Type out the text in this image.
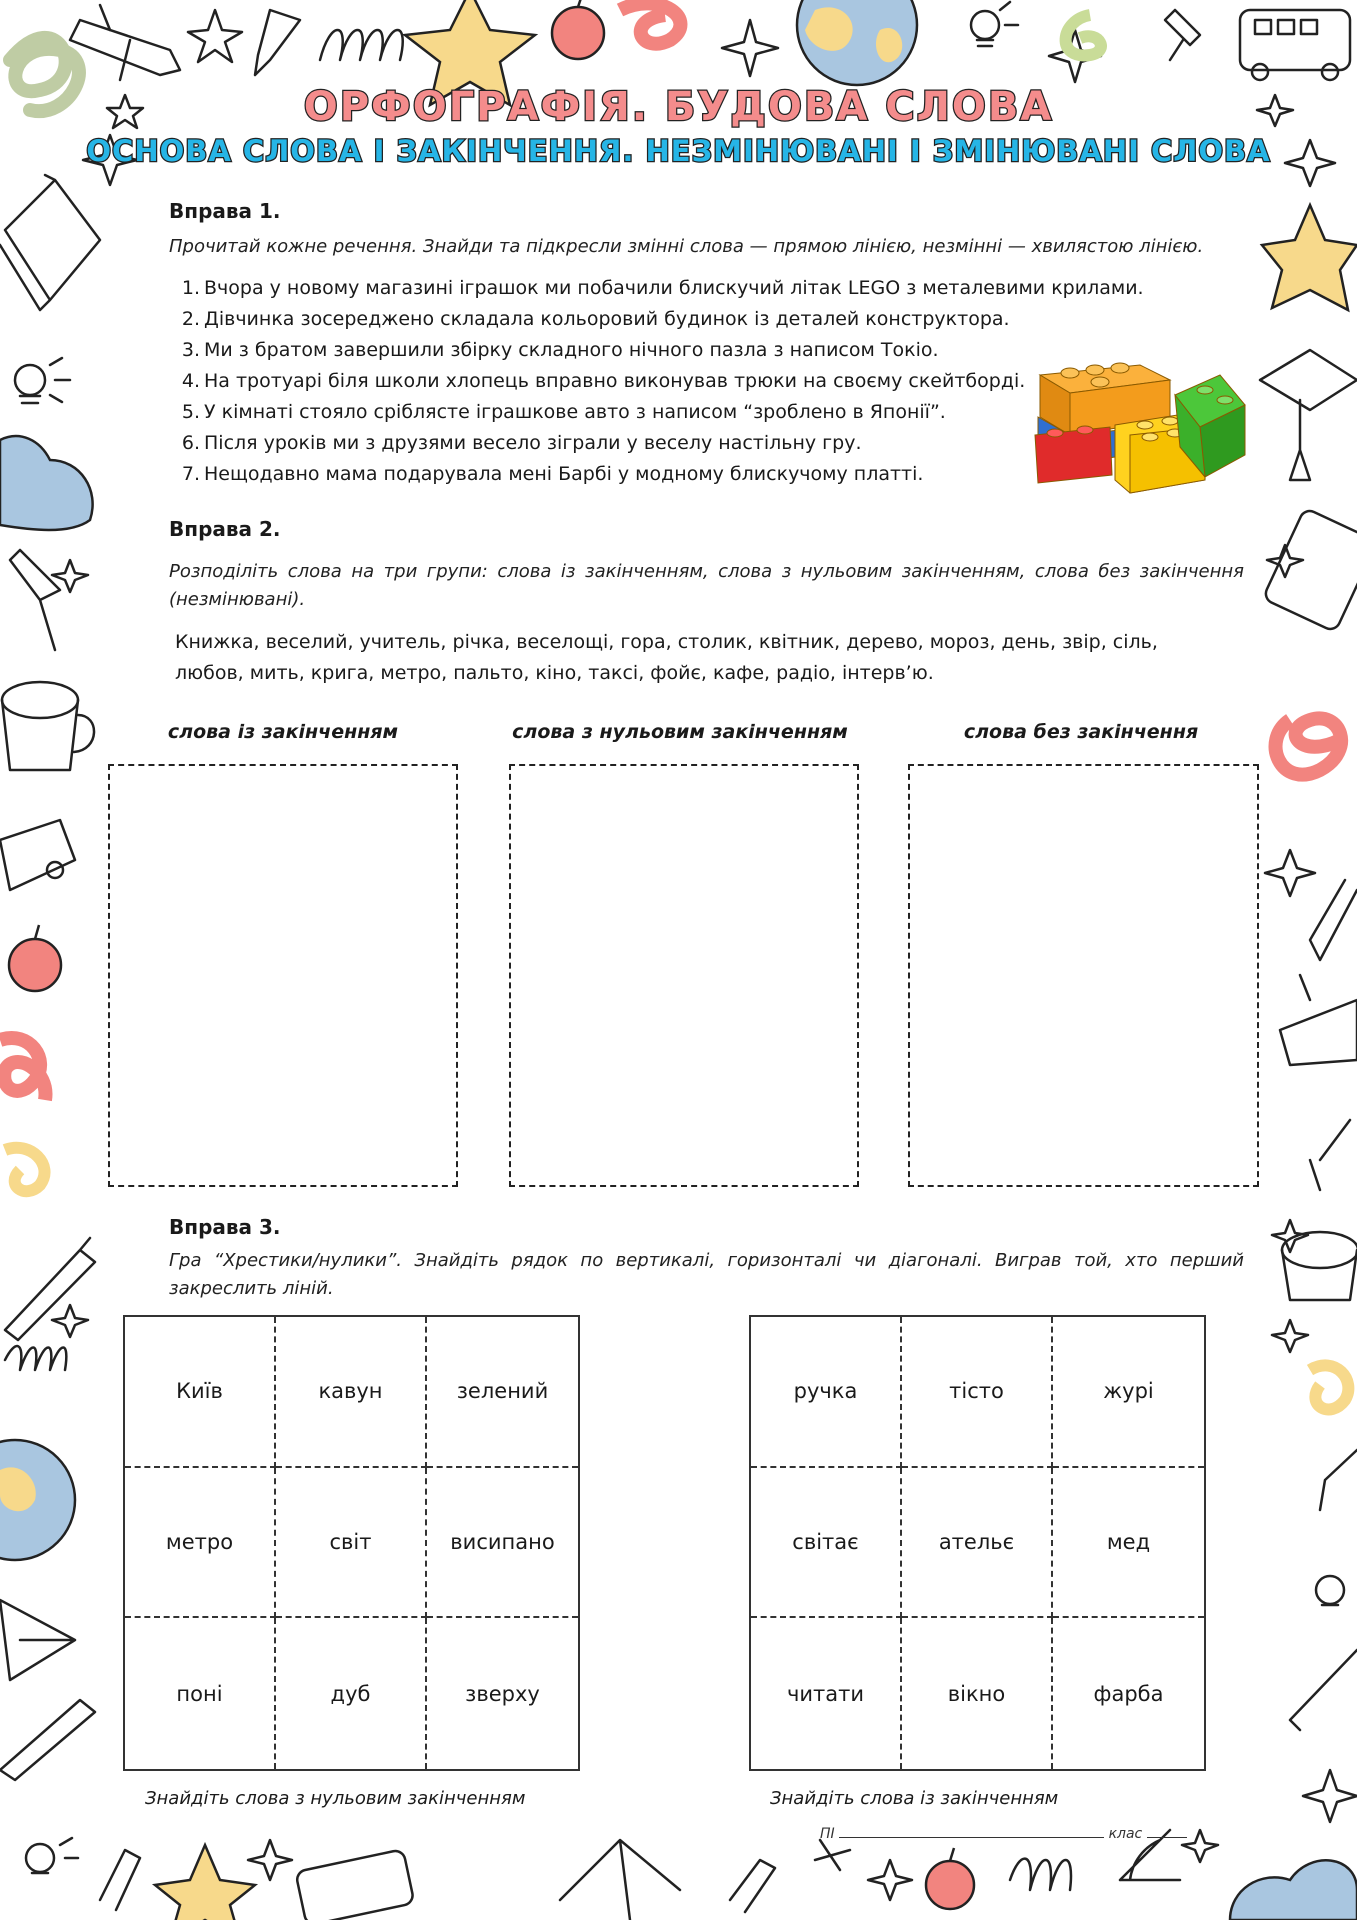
ОРФОГРАФІЯ. БУДОВА СЛОВА
ОСНОВА СЛОВА І ЗАКІНЧЕННЯ. НЕЗМІНЮВАНІ І ЗМІНЮВАНІ СЛОВА
Вправа 1.
Прочитай кожне речення. Знайди та підкресли змінні слова — прямою лінією, незмінні — хвилястою лінією.
1. Вчора у новому магазині іграшок ми побачили блискучий літак LEGO з металевими крилами.
2. Дівчинка зосереджено складала кольоровий будинок із деталей конструктора.
3. Ми з братом завершили збірку складного нічного пазла з написом Токіо.
4. На тротуарі біля школи хлопець вправно виконував трюки на своєму скейтборді.
5. У кімнаті стояло сріблясте іграшкове авто з написом “зроблено в Японії”.
6. Після уроків ми з друзями весело зіграли у веселу настільну гру.
7. Нещодавно мама подарувала мені Барбі у модному блискучому платті.
Вправа 2.
Розподіліть слова на три групи: слова із закінченням, слова з нульовим закінченням, слова без закінчення (незмінювані).
Книжка, веселий, учитель, річка, веселощі, гора, столик, квітник, дерево, мороз, день, звір, сіль, любов, мить, крига, метро, пальто, кіно, таксі, фойє, кафе, радіо, інтерв’ю.
слова із закінченням	слова з нульовим закінченням	слова без закінчення
Вправа 3.
Гра “Хрестики/нулики”. Знайдіть рядок по вертикалі, горизонталі чи діагоналі. Виграв той, хто перший закреслить ліній.
Київ	кавун	зелений
метро	світ	висипано
поні	дуб	зверху
ручка	тісто	журі
світає	ательє	мед
читати	вікно	фарба
Знайдіть слова з нульовим закінченням	Знайдіть слова із закінченням
ПІ	клас
